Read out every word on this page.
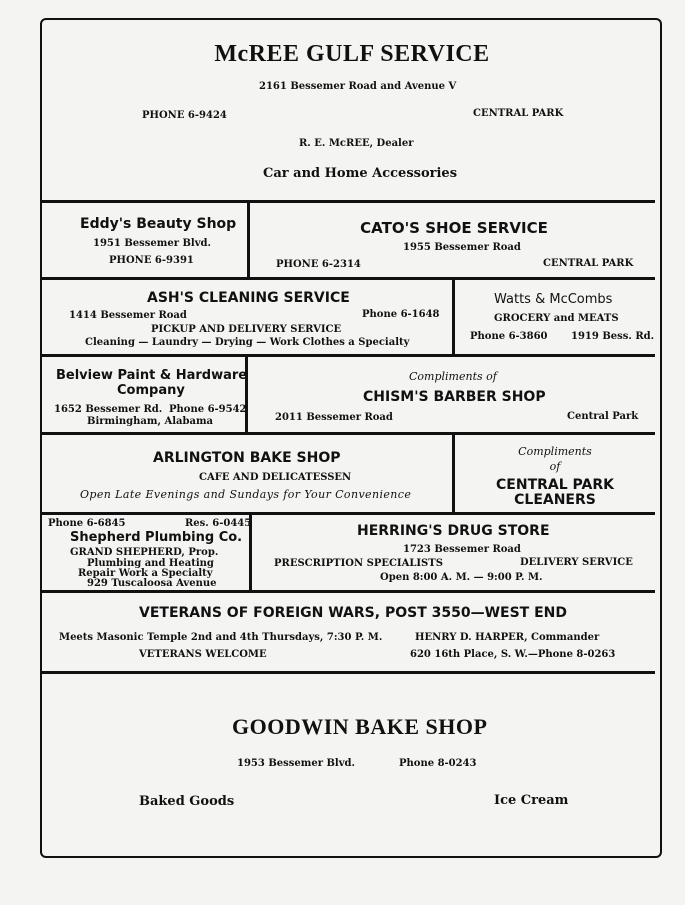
McREE GULF SERVICE
2161 Bessemer Road and Avenue V
PHONE 6-9424	CENTRAL PARK
R. E. McREE, Dealer
Car and Home Accessories
Eddy's Beauty Shop
1951 Bessemer Blvd.
PHONE 6-9391
CATO'S SHOE SERVICE
1955 Bessemer Road
PHONE 6-2314	CENTRAL PARK
ASH'S CLEANING SERVICE
1414 Bessemer Road	Phone 6-1648
PICKUP AND DELIVERY SERVICE
Cleaning — Laundry — Drying — Work Clothes a Specialty
Watts & McCombs
GROCERY and MEATS
Phone 6-3860 1919 Bess. Rd.
Belview Paint & Hardware
Company
1652 Bessemer Rd. Phone 6-9542
Birmingham, Alabama
Compliments of
CHISM'S BARBER SHOP
2011 Bessemer Road	Central Park
ARLINGTON BAKE SHOP
CAFE AND DELICATESSEN
Open Late Evenings and Sundays for Your Convenience
Compliments
of
CENTRAL PARK
CLEANERS
Phone 6-6845	Res. 6-0445
Shepherd Plumbing Co.
GRAND SHEPHERD, Prop.
Plumbing and Heating
Repair Work a Specialty
929 Tuscaloosa Avenue
HERRING'S DRUG STORE
1723 Bessemer Road
PRESCRIPTION SPECIALISTS	DELIVERY SERVICE
Open 8:00 A. M. — 9:00 P. M.
VETERANS OF FOREIGN WARS, POST 3550—WEST END
Meets Masonic Temple 2nd and 4th Thursdays, 7:30 P. M.	HENRY D. HARPER, Commander
VETERANS WELCOME	620 16th Place, S. W.—Phone 8-0263
GOODWIN BAKE SHOP
1953 Bessemer Blvd.	Phone 8-0243
Baked Goods	Ice Cream
